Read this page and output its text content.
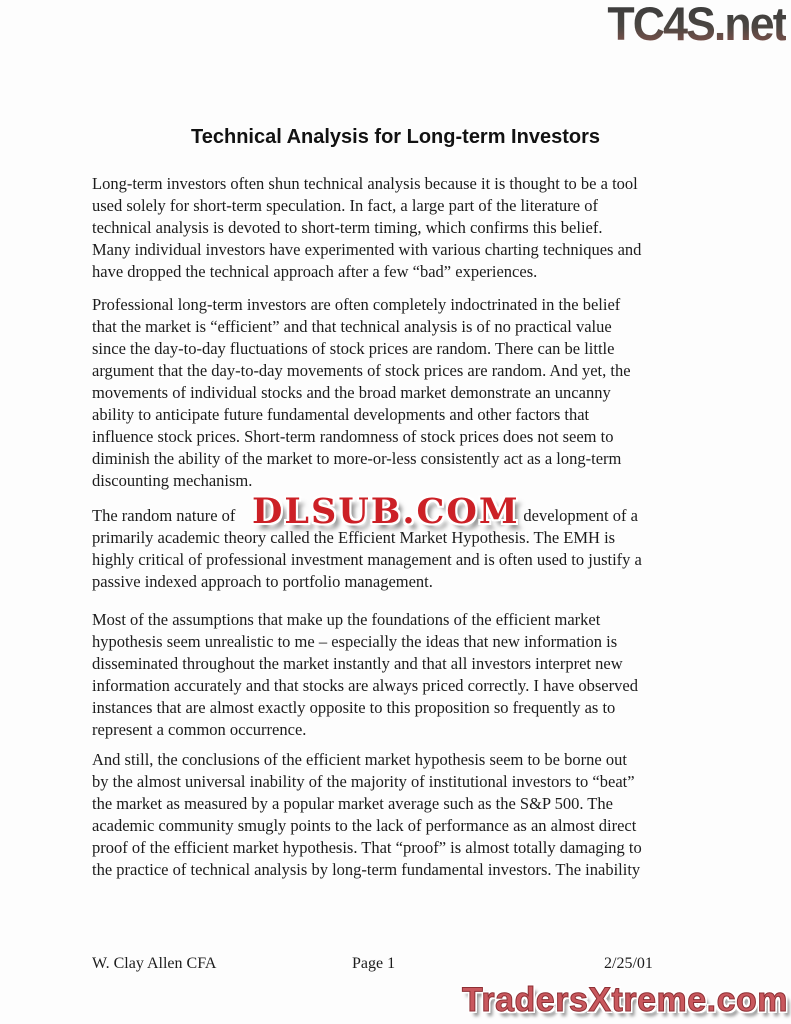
TC4S.net
Technical Analysis for Long-term Investors
Long-term investors often shun technical analysis because it is thought to be a tool
used solely for short-term speculation. In fact, a large part of the literature of
technical analysis is devoted to short-term timing, which confirms this belief.
Many individual investors have experimented with various charting techniques and
have dropped the technical approach after a few “bad” experiences.
Professional long-term investors are often completely indoctrinated in the belief
that the market is “efficient” and that technical analysis is of no practical value
since the day-to-day fluctuations of stock prices are random. There can be little
argument that the day-to-day movements of stock prices are random. And yet, the
movements of individual stocks and the broad market demonstrate an uncanny
ability to anticipate future fundamental developments and other factors that
influence stock prices. Short-term randomness of stock prices does not seem to
diminish the ability of the market to more-or-less consistently act as a long-term
discounting mechanism.
The random nature of	development of a
primarily academic theory called the Efficient Market Hypothesis. The EMH is
highly critical of professional investment management and is often used to justify a
passive indexed approach to portfolio management.
DLSUB.COM
Most of the assumptions that make up the foundations of the efficient market
hypothesis seem unrealistic to me – especially the ideas that new information is
disseminated throughout the market instantly and that all investors interpret new
information accurately and that stocks are always priced correctly. I have observed
instances that are almost exactly opposite to this proposition so frequently as to
represent a common occurrence.
And still, the conclusions of the efficient market hypothesis seem to be borne out
by the almost universal inability of the majority of institutional investors to “beat”
the market as measured by a popular market average such as the S&P 500. The
academic community smugly points to the lack of performance as an almost direct
proof of the efficient market hypothesis. That “proof” is almost totally damaging to
the practice of technical analysis by long-term fundamental investors. The inability
W. Clay Allen CFA	Page 1	2/25/01
TradersXtreme.com
